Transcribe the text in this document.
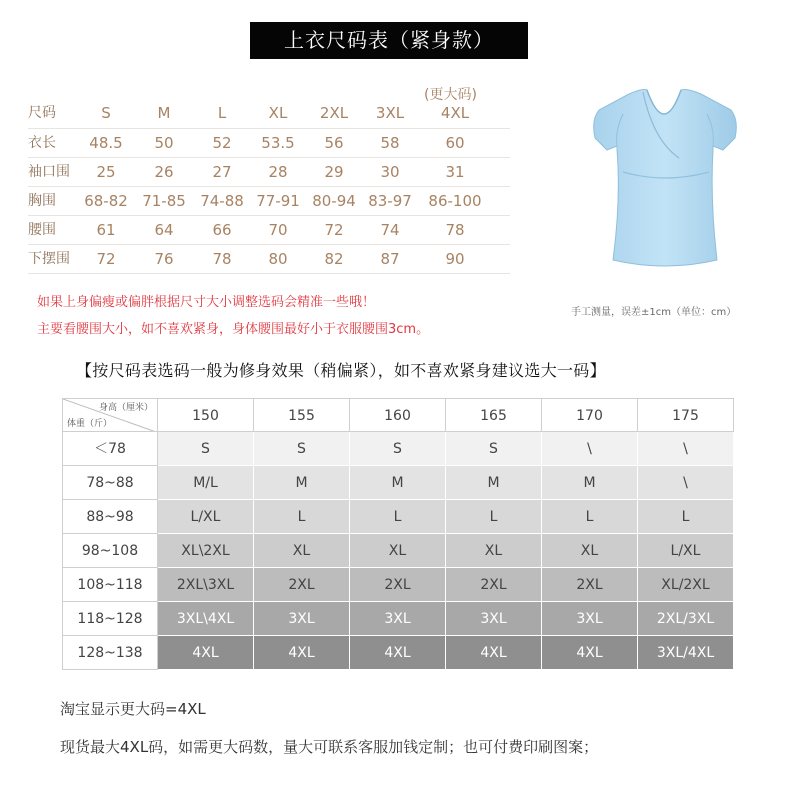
上衣尺码表（紧身款）
(更大码)
尺码	S	M	L	XL	2XL	3XL	4XL
衣长	48.5	50	52	53.5	56	58	60
袖口围	25	26	27	28	29	30	31
胸围	68-82 71-85 74-88 77-91 80-94 83-97	86-100
腰围	61	64	66	70	72	74	78
下摆围	72	76	78	80	82	87	90
如果上身偏瘦或偏胖根据尺寸大小调整选码会精准一些哦！
主要看腰围大小，如不喜欢紧身，身体腰围最好小于衣服腰围3cm。
手工测量，误差±1cm（单位：cm）
【按尺码表选码一般为修身效果（稍偏紧），如不喜欢紧身建议选大一码】
身高（厘米）
体重（斤）	150	155	160	165	170	175
＜78	S	S	S	S	\	\
78~88	M/L	M	M	M	M	\
88~98	L/XL	L	L	L	L	L
98~108	XL\2XL	XL	XL	XL	XL	L/XL
108~118	2XL\3XL	2XL	2XL	2XL	2XL	XL/2XL
118~128	3XL\4XL	3XL	3XL	3XL	3XL	2XL/3XL
128~138	4XL	4XL	4XL	4XL	4XL	3XL/4XL
淘宝显示更大码=4XL
现货最大4XL码，如需更大码数，量大可联系客服加钱定制；也可付费印刷图案；
